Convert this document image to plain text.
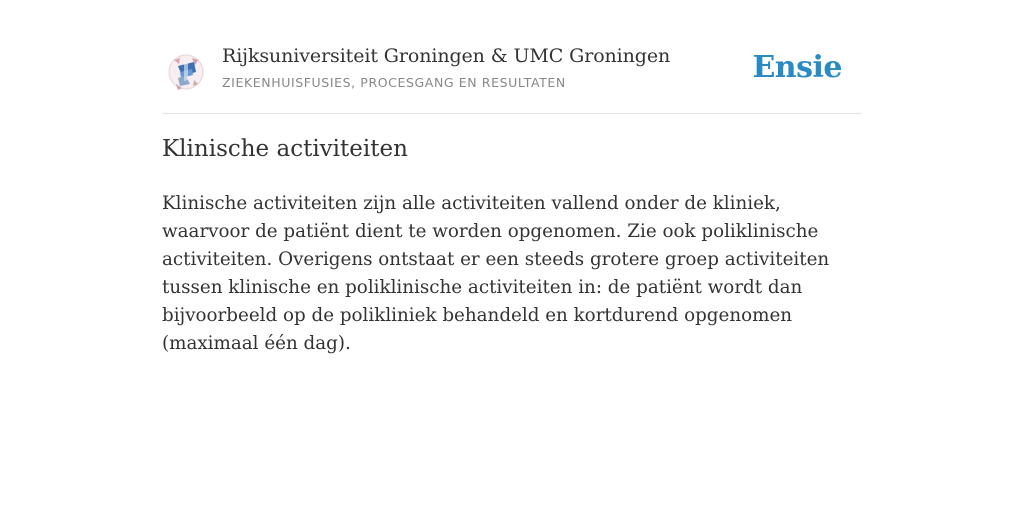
Rijksuniversiteit Groningen & UMC Groningen
ZIEKENHUISFUSIES, PROCESGANG EN RESULTATEN	Ensie
Klinische activiteiten

Klinische activiteiten zijn alle activiteiten vallend onder de kliniek, waarvoor de patiënt dient te worden opgenomen. Zie ook poliklinische activiteiten. Overigens ontstaat er een steeds grotere groep activiteiten tussen klinische en poliklinische activiteiten in: de patiënt wordt dan bijvoorbeeld op de polikliniek behandeld en kortdurend opgenomen (maximaal één dag).
